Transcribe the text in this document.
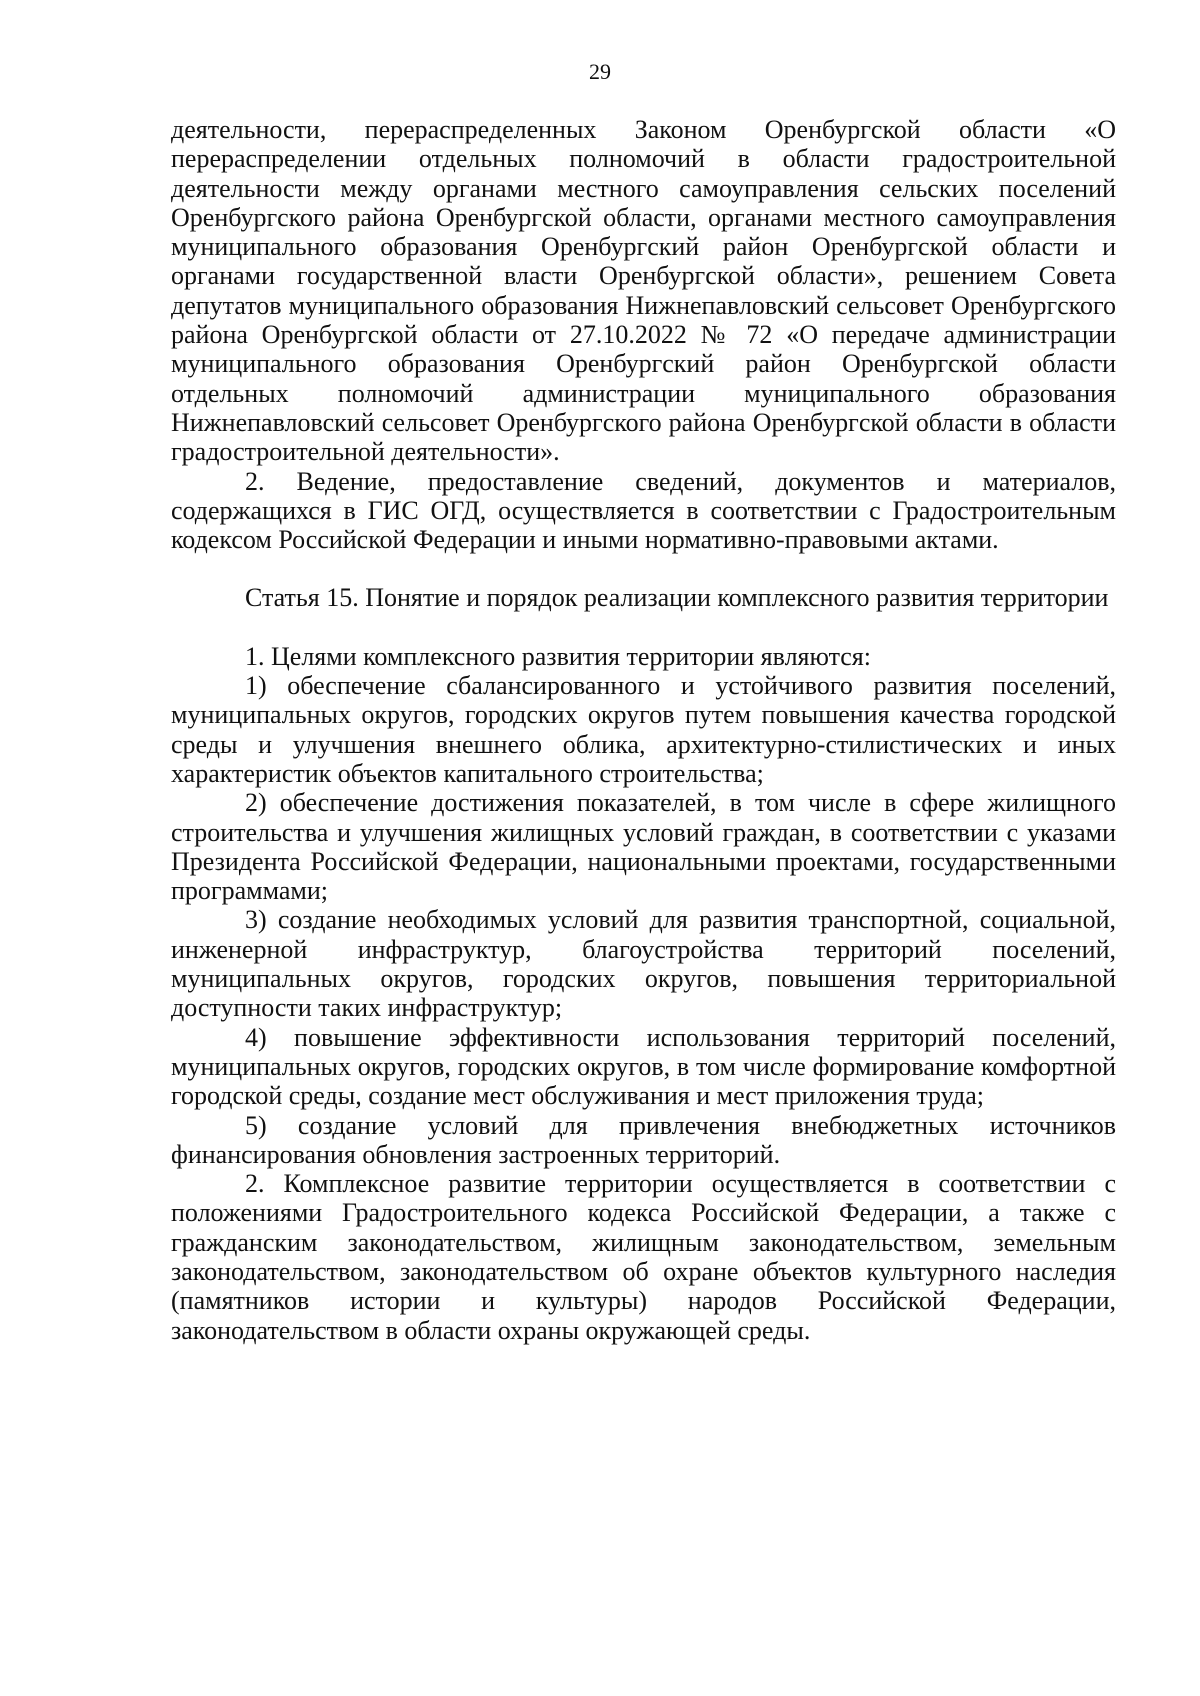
29

деятельности, перераспределенных Законом Оренбургской области «О перераспределении отдельных полномочий в области градостроительной деятельности между органами местного самоуправления сельских поселений Оренбургского района Оренбургской области, органами местного самоуправления муниципального образования Оренбургский район Оренбургской области и органами государственной власти Оренбургской области», решением Совета депутатов муниципального образования Нижнепавловский сельсовет Оренбургского района Оренбургской области от 27.10.2022 № 72 «О передаче администрации муниципального образования Оренбургский район Оренбургской области отдельных полномочий администрации муниципального образования Нижнепавловский сельсовет Оренбургского района Оренбургской области в области градостроительной деятельности».

2. Ведение, предоставление сведений, документов и материалов, содержащихся в ГИС ОГД, осуществляется в соответствии с Градостроительным кодексом Российской Федерации и иными нормативно-правовыми актами.

Статья 15. Понятие и порядок реализации комплексного развития территории

1. Целями комплексного развития территории являются:

1) обеспечение сбалансированного и устойчивого развития поселений, муниципальных округов, городских округов путем повышения качества городской среды и улучшения внешнего облика, архитектурно-стилистических и иных характеристик объектов капитального строительства;

2) обеспечение достижения показателей, в том числе в сфере жилищного строительства и улучшения жилищных условий граждан, в соответствии с указами Президента Российской Федерации, национальными проектами, государственными программами;

3) создание необходимых условий для развития транспортной, социальной, инженерной инфраструктур, благоустройства территорий поселений, муниципальных округов, городских округов, повышения территориальной доступности таких инфраструктур;

4) повышение эффективности использования территорий поселений, муниципальных округов, городских округов, в том числе формирование комфортной городской среды, создание мест обслуживания и мест приложения труда;

5) создание условий для привлечения внебюджетных источников финансирования обновления застроенных территорий.

2. Комплексное развитие территории осуществляется в соответствии с положениями Градостроительного кодекса Российской Федерации, а также с гражданским законодательством, жилищным законодательством, земельным законодательством, законодательством об охране объектов культурного наследия (памятников истории и культуры) народов Российской Федерации, законодательством в области охраны окружающей среды.
